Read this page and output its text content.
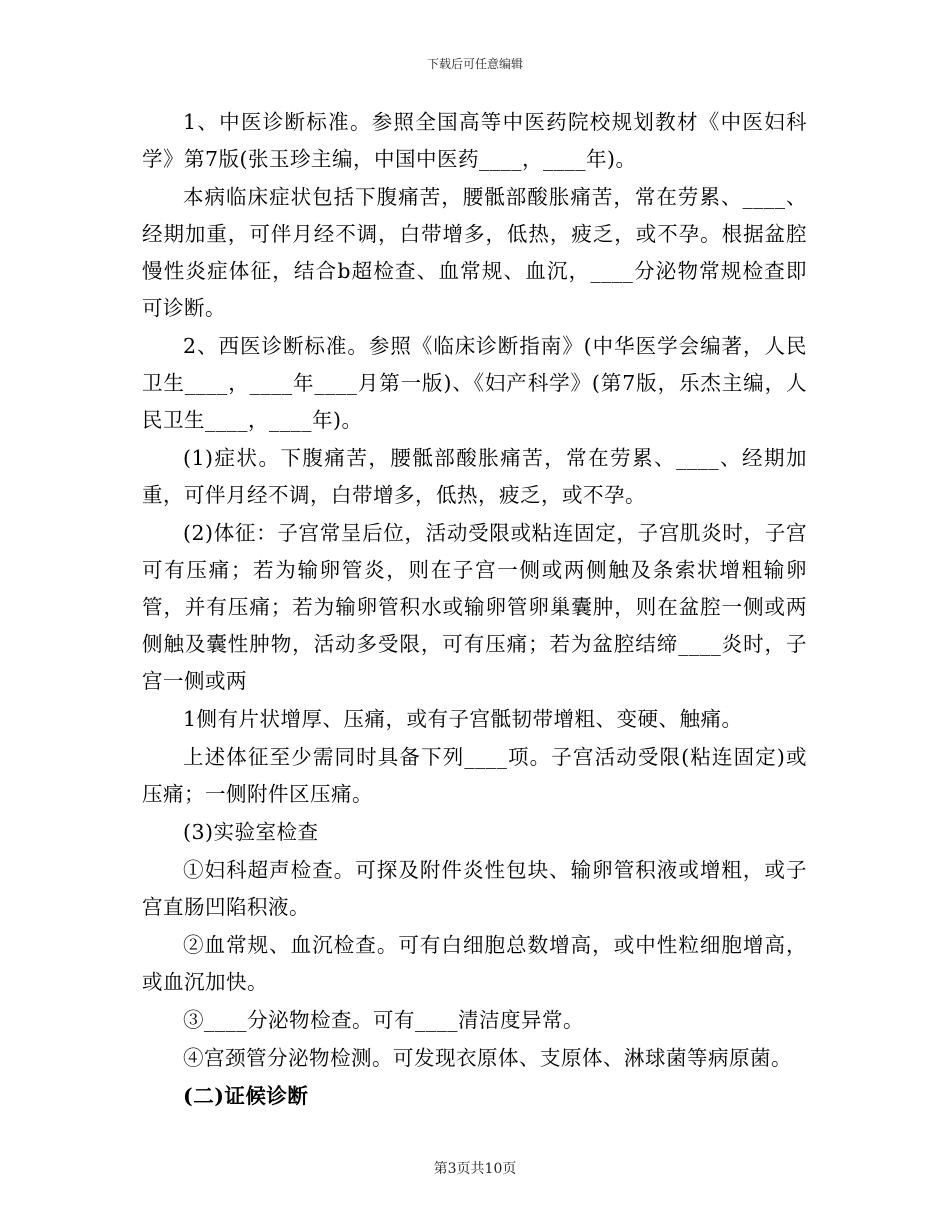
下载后可任意编辑

1、中医诊断标准。参照全国高等中医药院校规划教材《中医妇科学》第7版(张玉珍主编，中国中医药____，____年)。

本病临床症状包括下腹痛苦，腰骶部酸胀痛苦，常在劳累、____、经期加重，可伴月经不调，白带增多，低热，疲乏，或不孕。根据盆腔慢性炎症体征，结合b超检查、血常规、血沉，____分泌物常规检查即可诊断。

2、西医诊断标准。参照《临床诊断指南》(中华医学会编著，人民卫生____，____年____月第一版)、《妇产科学》(第7版，乐杰主编，人民卫生____，____年)。

(1)症状。下腹痛苦，腰骶部酸胀痛苦，常在劳累、____、经期加重，可伴月经不调，白带增多，低热，疲乏，或不孕。

(2)体征：子宫常呈后位，活动受限或粘连固定，子宫肌炎时，子宫可有压痛；若为输卵管炎，则在子宫一侧或两侧触及条索状增粗输卵管，并有压痛；若为输卵管积水或输卵管卵巢囊肿，则在盆腔一侧或两侧触及囊性肿物，活动多受限，可有压痛；若为盆腔结缔____炎时，子宫一侧或两

1侧有片状增厚、压痛，或有子宫骶韧带增粗、变硬、触痛。

上述体征至少需同时具备下列____项。子宫活动受限(粘连固定)或压痛；一侧附件区压痛。

(3)实验室检查

①妇科超声检查。可探及附件炎性包块、输卵管积液或增粗，或子宫直肠凹陷积液。

②血常规、血沉检查。可有白细胞总数增高，或中性粒细胞增高，或血沉加快。

③____分泌物检查。可有____清洁度异常。

④宫颈管分泌物检测。可发现衣原体、支原体、淋球菌等病原菌。

(二)证候诊断

第3页共10页
